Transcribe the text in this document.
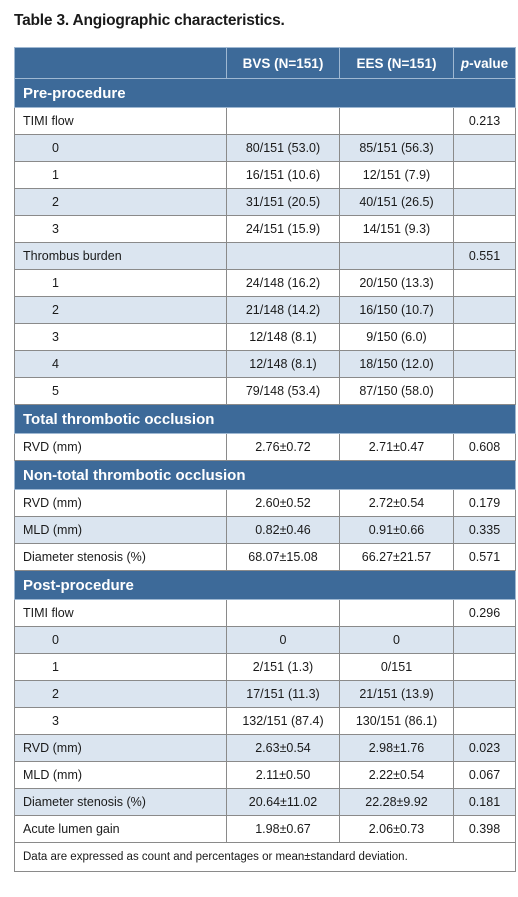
Table 3. Angiographic characteristics.
	BVS (N=151)	EES (N=151)	p-value
Pre-procedure			
TIMI flow			0.213
0	80/151 (53.0)	85/151 (56.3)	
1	16/151 (10.6)	12/151 (7.9)	
2	31/151 (20.5)	40/151 (26.5)	
3	24/151 (15.9)	14/151 (9.3)	
Thrombus burden			0.551
1	24/148 (16.2)	20/150 (13.3)	
2	21/148 (14.2)	16/150 (10.7)	
3	12/148 (8.1)	9/150 (6.0)	
4	12/148 (8.1)	18/150 (12.0)	
5	79/148 (53.4)	87/150 (58.0)	
Total thrombotic occlusion			
RVD (mm)	2.76±0.72	2.71±0.47	0.608
Non-total thrombotic occlusion			
RVD (mm)	2.60±0.52	2.72±0.54	0.179
MLD (mm)	0.82±0.46	0.91±0.66	0.335
Diameter stenosis (%)	68.07±15.08	66.27±21.57	0.571
Post-procedure			
TIMI flow			0.296
0	0	0	
1	2/151 (1.3)	0/151	
2	17/151 (11.3)	21/151 (13.9)	
3	132/151 (87.4)	130/151 (86.1)	
RVD (mm)	2.63±0.54	2.98±1.76	0.023
MLD (mm)	2.11±0.50	2.22±0.54	0.067
Diameter stenosis (%)	20.64±11.02	22.28±9.92	0.181
Acute lumen gain	1.98±0.67	2.06±0.73	0.398
Data are expressed as count and percentages or mean±standard deviation.			
